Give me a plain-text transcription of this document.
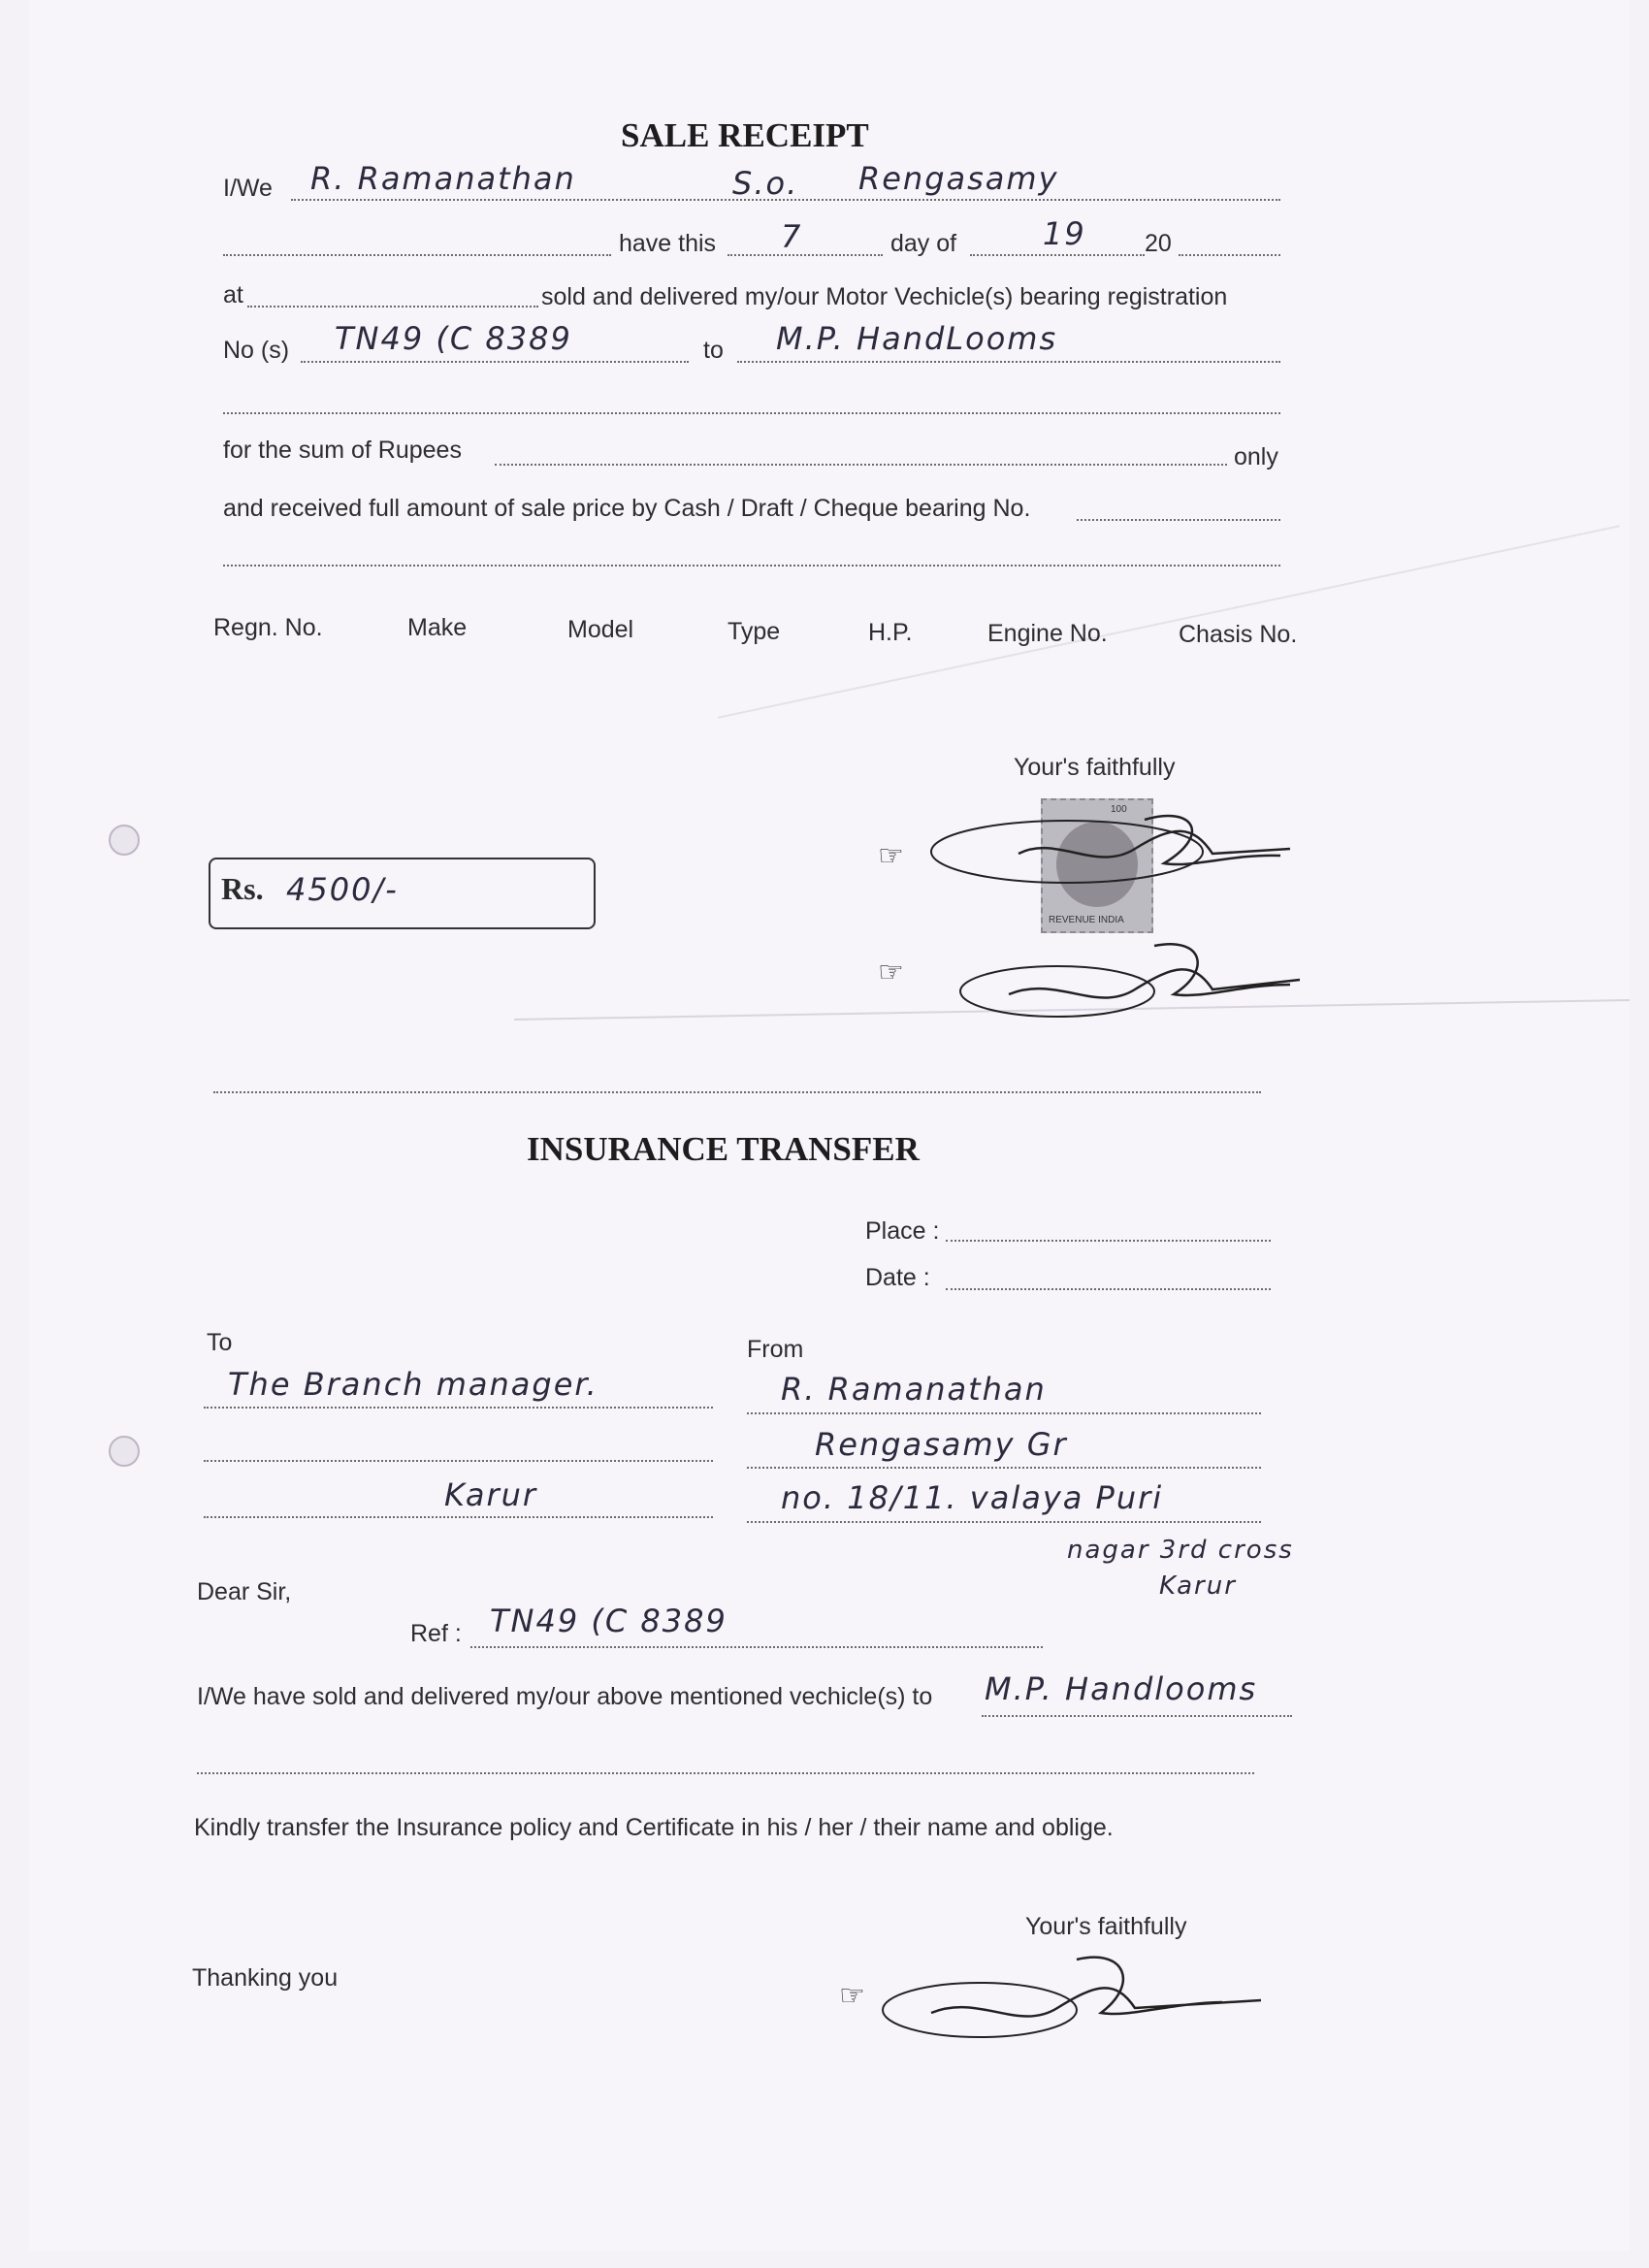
SALE RECEIPT
I/We R. Ramanathan	S.o. Rengasamy
have this 7	day of	19 20
at	sold and delivered my/our Motor Vechicle(s) bearing registration
No (s) TN49 (C 8389	to M.P. HandLooms
for the sum of Rupees	only
and received full amount of sale price by Cash / Draft / Cheque bearing No.
Regn. No.	Make	Model	Type	H.P.	Engine No.	Chasis No.
Your's faithfully
100
REVENUE INDIA
☞
☞
Rs. 4500/-
INSURANCE TRANSFER
Place :
Date :
To	From
The Branch manager.
Karur
R. Ramanathan
Rengasamy Gr
no. 18/11. valaya Puri
nagar 3rd cross
Karur
Dear Sir,
Ref : TN49 (C 8389
I/We have sold and delivered my/our above mentioned vechicle(s) to M.P. Handlooms
Kindly transfer the Insurance policy and Certificate in his / her / their name and oblige.
Your's faithfully
Thanking you
☞
